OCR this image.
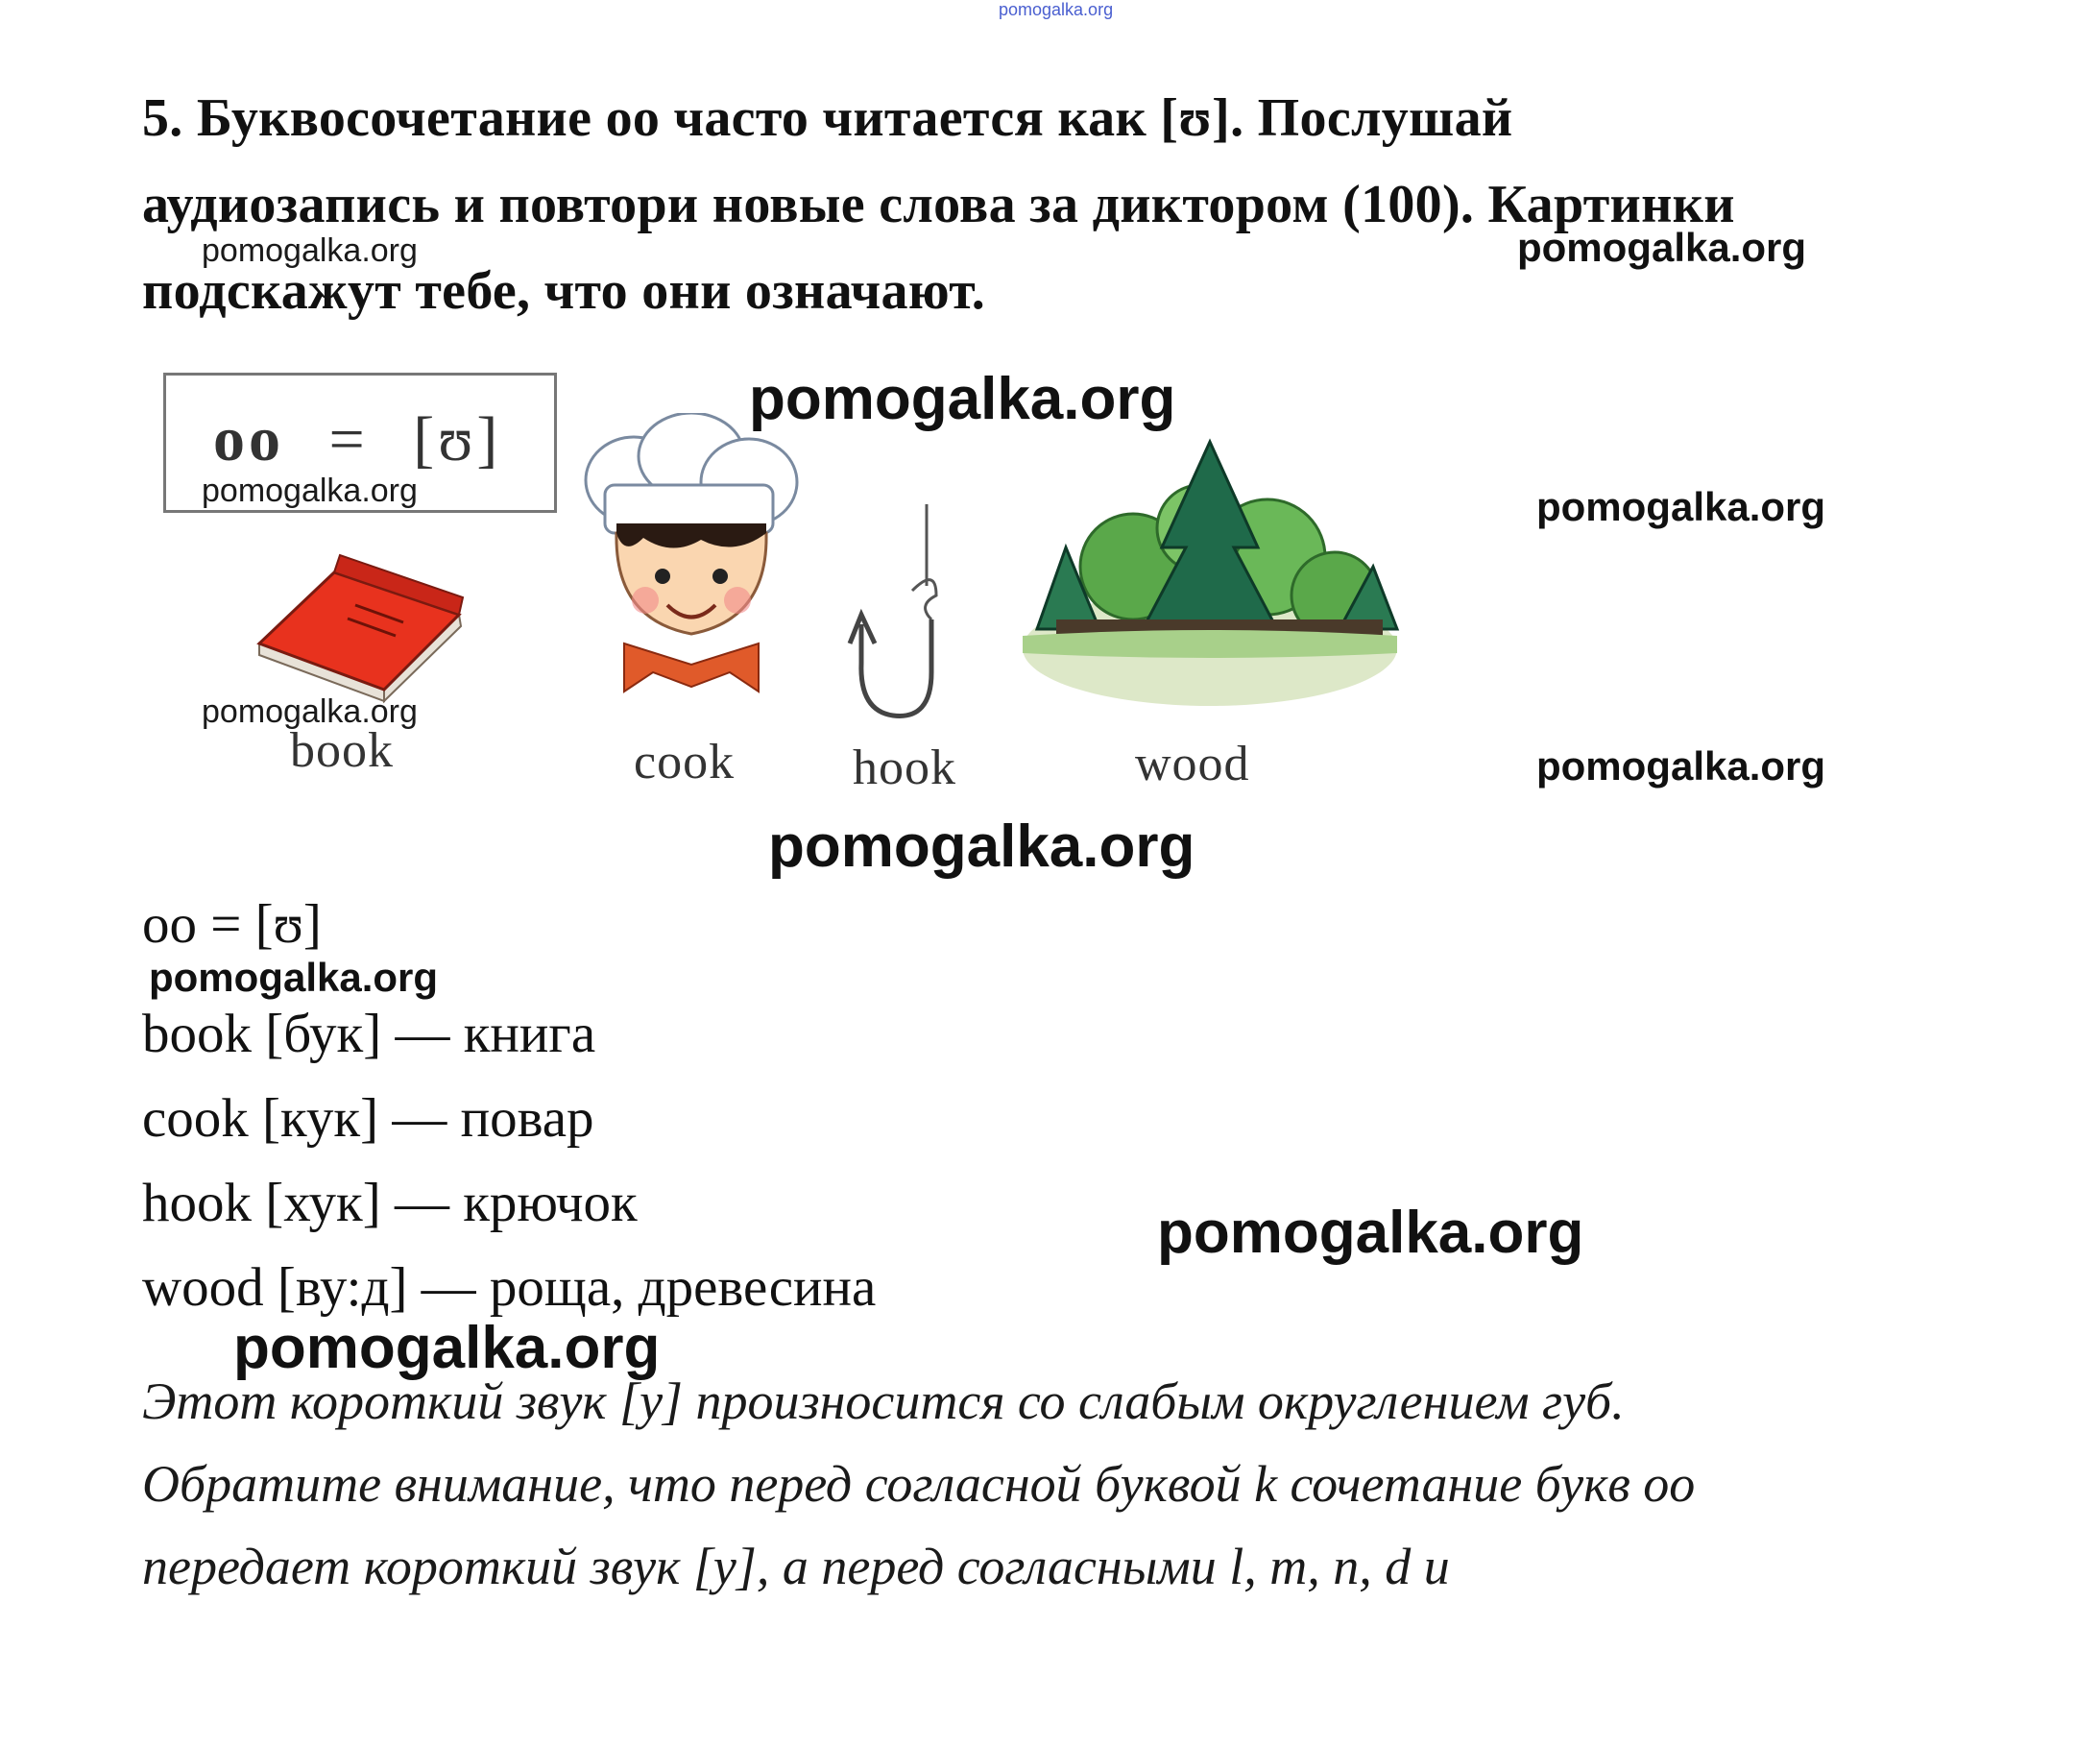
pomogalka.org
5. Буквосочетание oo часто читается как [ʊ]. Послушай
аудиозапись и повтори новые слова за диктором (100). Картинки
подскажут тебе, что они означают.
oo = [ʊ]
book	cook hook	wood
oo = [ʊ]
book [бук] — книга
cook [кук] — повар
hook [хук] — крючок
wood [ву:д] — роща, древесина
Этот короткий звук [у] произносится со слабым округлением губ.
Обратите внимание, что перед согласной буквой k сочетание букв oo
передает короткий звук [у], а перед согласными l, m, n, d и
pomogalka.org	pomogalka.org
pomogalka.org
pomogalka.org	pomogalka.org
pomogalka.org
pomogalka.org
pomogalka.org
pomogalka.org
pomogalka.org
pomogalka.org
